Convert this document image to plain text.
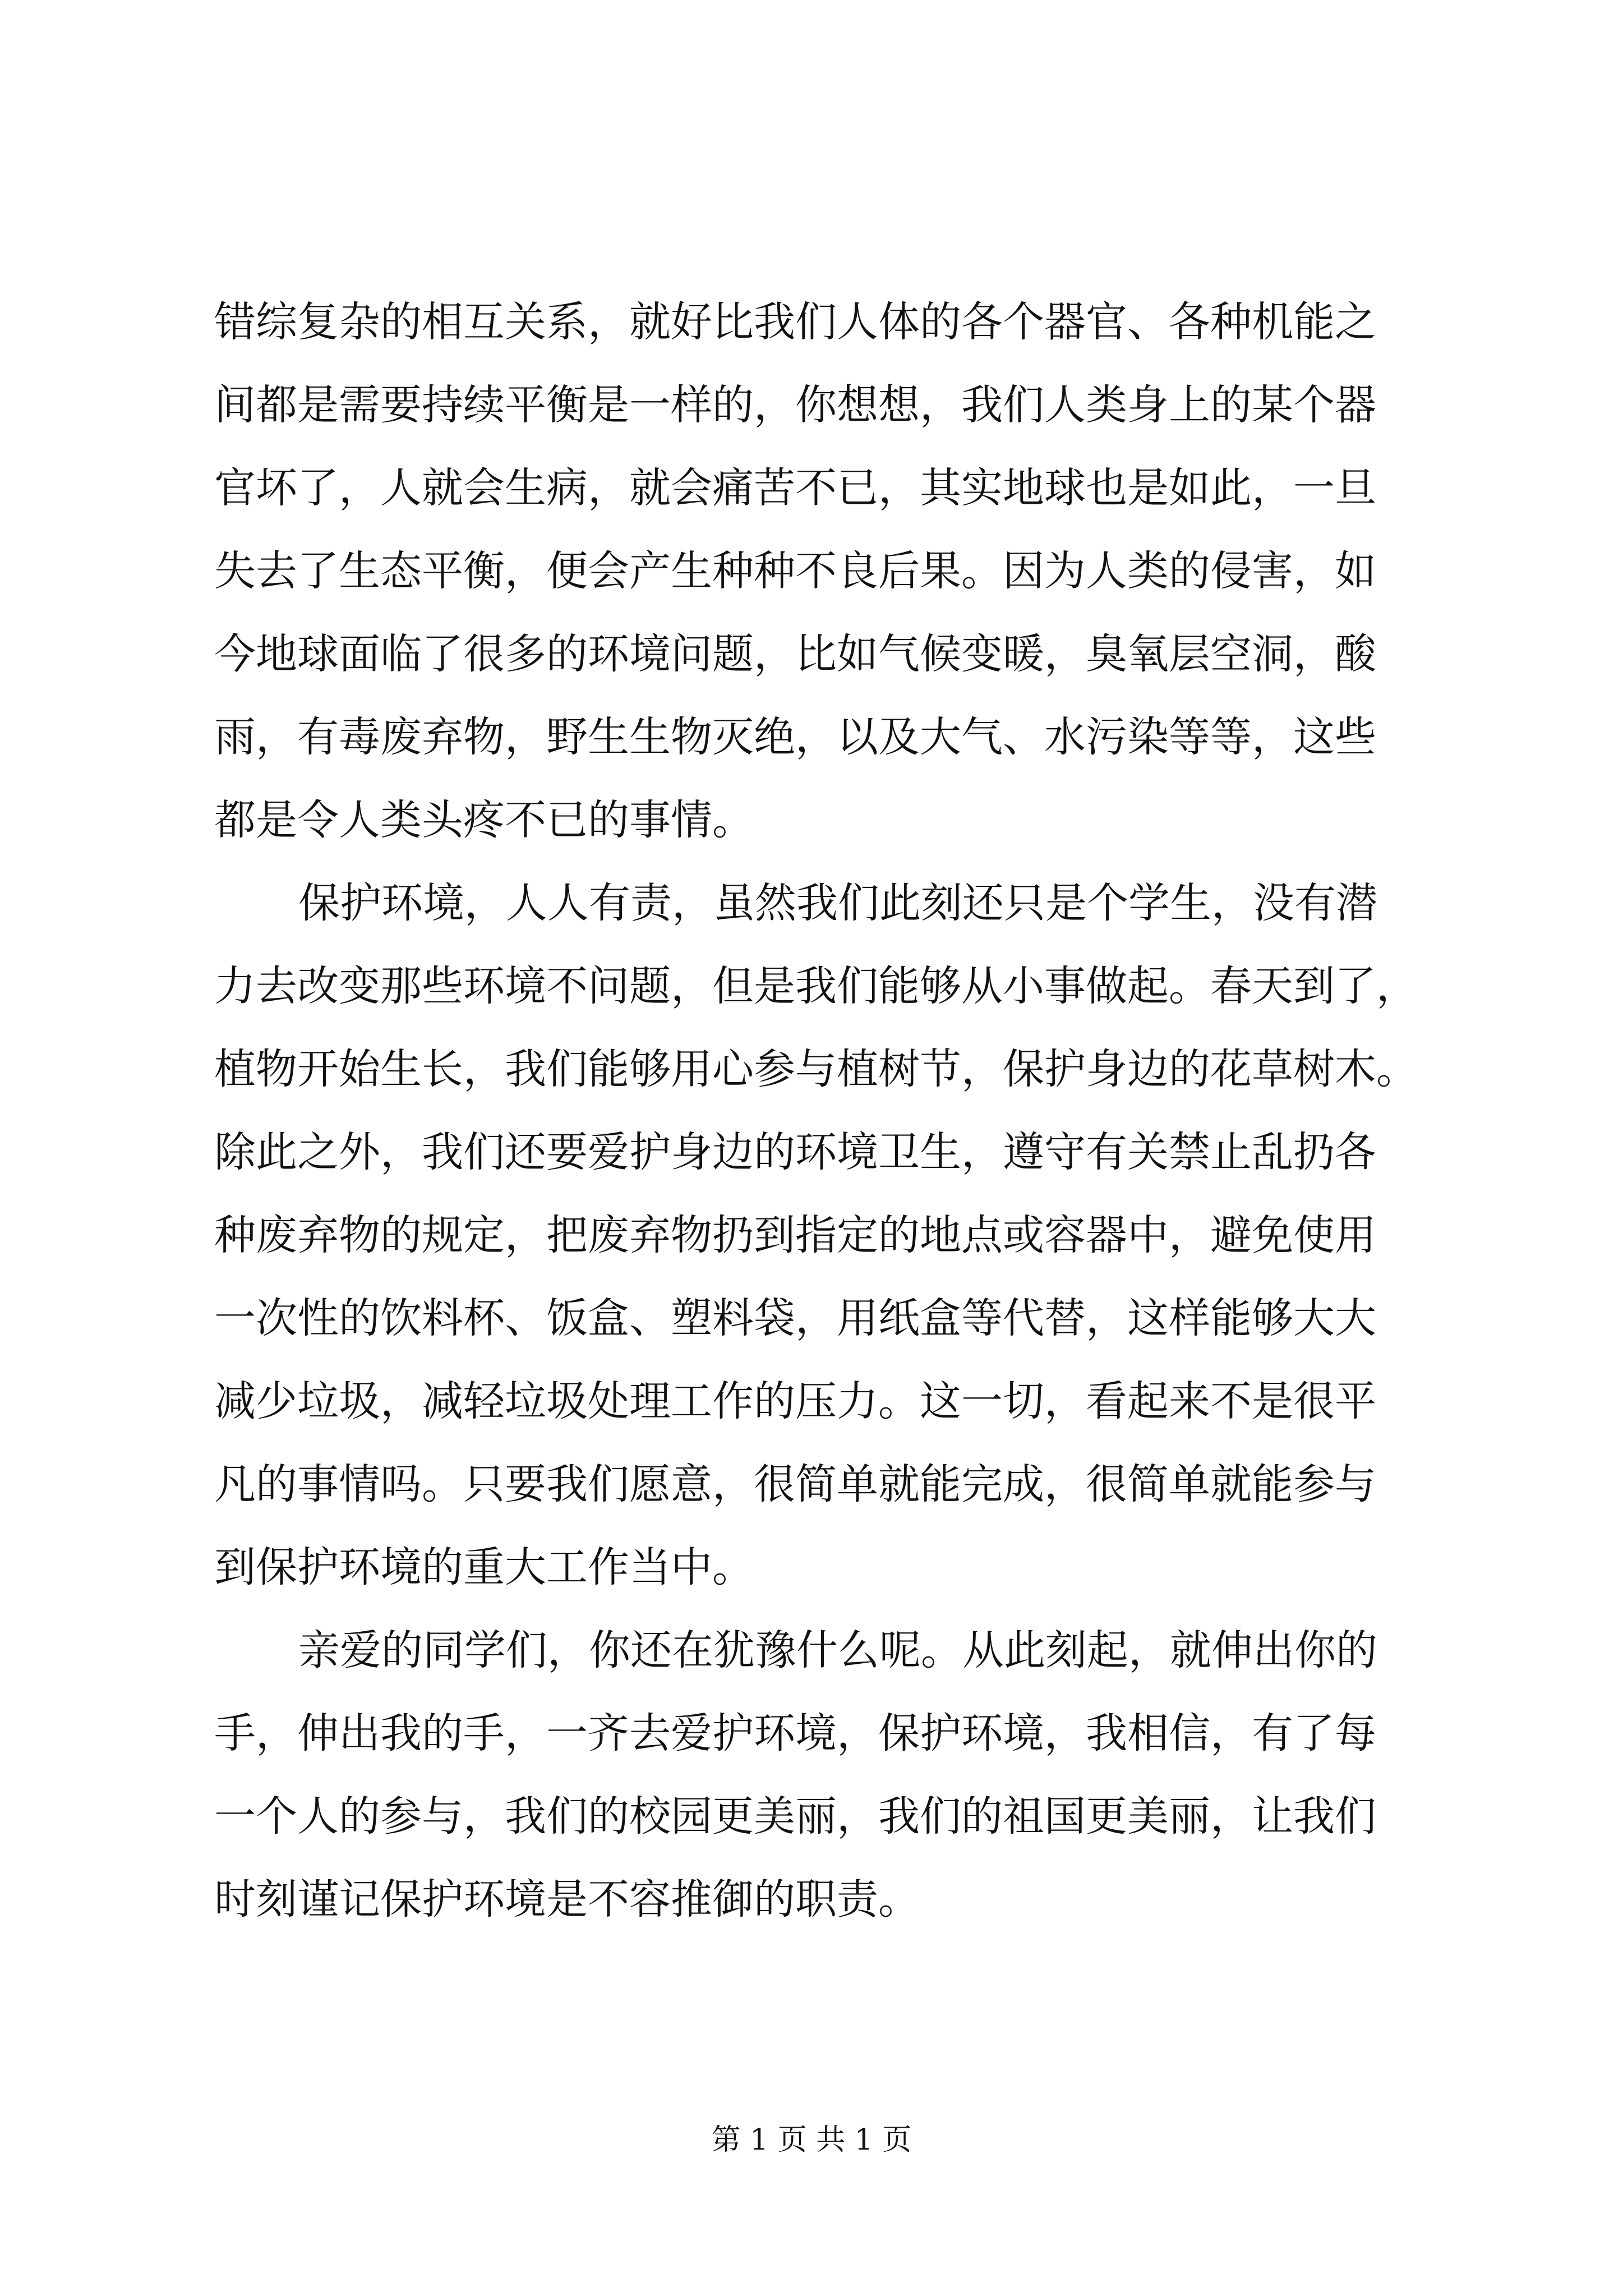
错综复杂的相互关系，就好比我们人体的各个器官、各种机能之
间都是需要持续平衡是一样的，你想想，我们人类身上的某个器
官坏了，人就会生病，就会痛苦不已，其实地球也是如此，一旦
失去了生态平衡，便会产生种种不良后果。因为人类的侵害，如
今地球面临了很多的环境问题，比如气候变暖，臭氧层空洞，酸
雨，有毒废弃物，野生生物灭绝，以及大气、水污染等等，这些
都是令人类头疼不已的事情。
保护环境，人人有责，虽然我们此刻还只是个学生，没有潜
力去改变那些环境不问题，但是我们能够从小事做起。春天到了，
植物开始生长，我们能够用心参与植树节，保护身边的花草树木。
除此之外，我们还要爱护身边的环境卫生，遵守有关禁止乱扔各
种废弃物的规定，把废弃物扔到指定的地点或容器中，避免使用
一次性的饮料杯、饭盒、塑料袋，用纸盒等代替，这样能够大大
减少垃圾，减轻垃圾处理工作的压力。这一切，看起来不是很平
凡的事情吗。只要我们愿意，很简单就能完成，很简单就能参与
到保护环境的重大工作当中。
亲爱的同学们，你还在犹豫什么呢。从此刻起，就伸出你的
手，伸出我的手，一齐去爱护环境，保护环境，我相信，有了每
一个人的参与，我们的校园更美丽，我们的祖国更美丽，让我们
时刻谨记保护环境是不容推御的职责。
第 1 页 共 1 页
